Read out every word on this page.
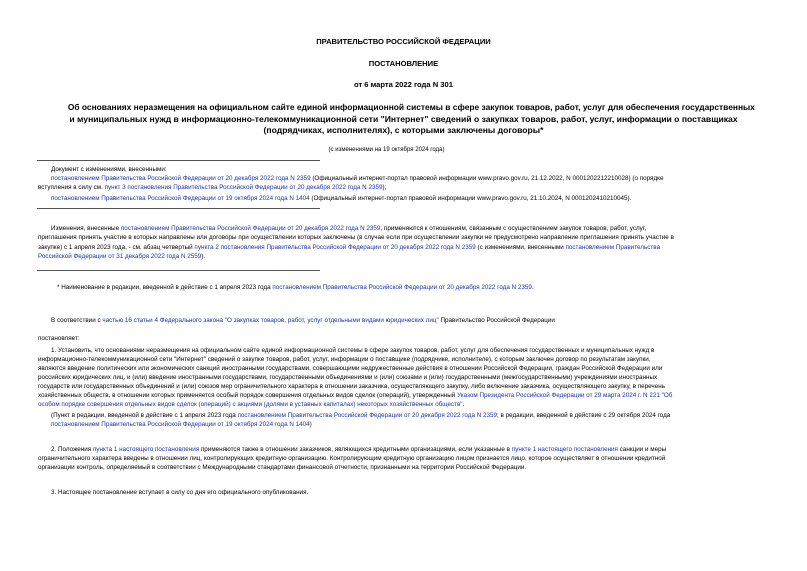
ПРАВИТЕЛЬСТВО РОССИЙСКОЙ ФЕДЕРАЦИИ
ПОСТАНОВЛЕНИЕ
от 6 марта 2022 года N 301
Об основаниях неразмещения на официальном сайте единой информационной системы в сфере закупок товаров, работ, услуг для обеспечения государственных
и муниципальных нужд в информационно-телекоммуникационной сети "Интернет" сведений о закупках товаров, работ, услуг, информации о поставщиках
(подрядчиках, исполнителях), с которыми заключены договоры*
(с изменениями на 19 октября 2024 года)
Документ с изменениями, внесенными:
постановлением Правительства Российской Федерации от 20 декабря 2022 года N 2359 (Официальный интернет-портал правовой информации www.pravo.gov.ru, 21.12.2022, N 0001202212210028) (о порядке
вступления в силу см. пункт 3 постановления Правительства Российской Федерации от 20 декабря 2022 года N 2359);
постановлением Правительства Российской Федерации от 19 октября 2024 года N 1404 (Официальный интернет-портал правовой информации www.pravo.gov.ru, 21.10.2024, N 0001202410210045).
Изменения, внесенные постановлением Правительства Российской Федерации от 20 декабря 2022 года N 2359, применяются к отношениям, связанным с осуществлением закупок товаров, работ, услуг,
приглашения принять участие в которых направлены или договоры при осуществлении которых заключены (в случае если при осуществлении закупки не предусмотрено направление приглашения принять участие в
закупке) с 1 апреля 2023 года, - см. абзац четвертый пункта 2 постановления Правительства Российской Федерации от 20 декабря 2022 года N 2359 (с изменениями, внесенными постановлением Правительства
Российской Федерации от 31 декабря 2022 года N 2559).
* Наименование в редакции, введенной в действие с 1 апреля 2023 года постановлением Правительства Российской Федерации от 20 декабря 2022 года N 2359.
В соответствии с частью 16 статьи 4 Федерального закона "О закупках товаров, работ, услуг отдельными видами юридических лиц" Правительство Российской Федерации
постановляет:
1. Установить, что основаниями неразмещения на официальном сайте единой информационной системы в сфере закупок товаров, работ, услуг для обеспечения государственных и муниципальных нужд в
информационно-телекоммуникационной сети "Интернет" сведений о закупке товаров, работ, услуг, информации о поставщике (подрядчике, исполнителе), с которым заключен договор по результатам закупки,
являются введение политических или экономических санкций иностранными государствами, совершающими недружественные действия в отношении Российской Федерации, граждан Российской Федерации или
российских юридических лиц, и (или) введение иностранными государствами, государственными объединениями и (или) союзами и (или) государственными (межгосударственными) учреждениями иностранных
государств или государственных объединений и (или) союзов мер ограничительного характера в отношении заказчика, осуществляющего закупку, либо включение заказчика, осуществляющего закупку, в перечень
хозяйственных обществ, в отношении которых применяется особый порядок совершения отдельных видов сделок (операций), утвержденный Указом Президента Российской Федерации от 29 марта 2024 г. N 221 "Об
особом порядке совершения отдельных видов сделок (операций) с акциями (долями в уставных капиталах) некоторых хозяйственных обществ".
(Пункт в редакции, введенной в действие с 1 апреля 2023 года постановлением Правительства Российской Федерации от 20 декабря 2022 года N 2359; в редакции, введенной в действие с 29 октября 2024 года
постановлением Правительства Российской Федерации от 19 октября 2024 года N 1404)
2. Положения пункта 1 настоящего постановления применяются также в отношении заказчиков, являющихся кредитными организациями, если указанные в пункте 1 настоящего постановления санкции и меры
ограничительного характера введены в отношении лиц, контролирующих кредитную организацию. Контролирующим кредитную организацию лицом признается лицо, которое осуществляет в отношении кредитной
организации контроль, определяемый в соответствии с Международными стандартами финансовой отчетности, признанными на территории Российской Федерации.
3. Настоящее постановление вступает в силу со дня его официального опубликования.
